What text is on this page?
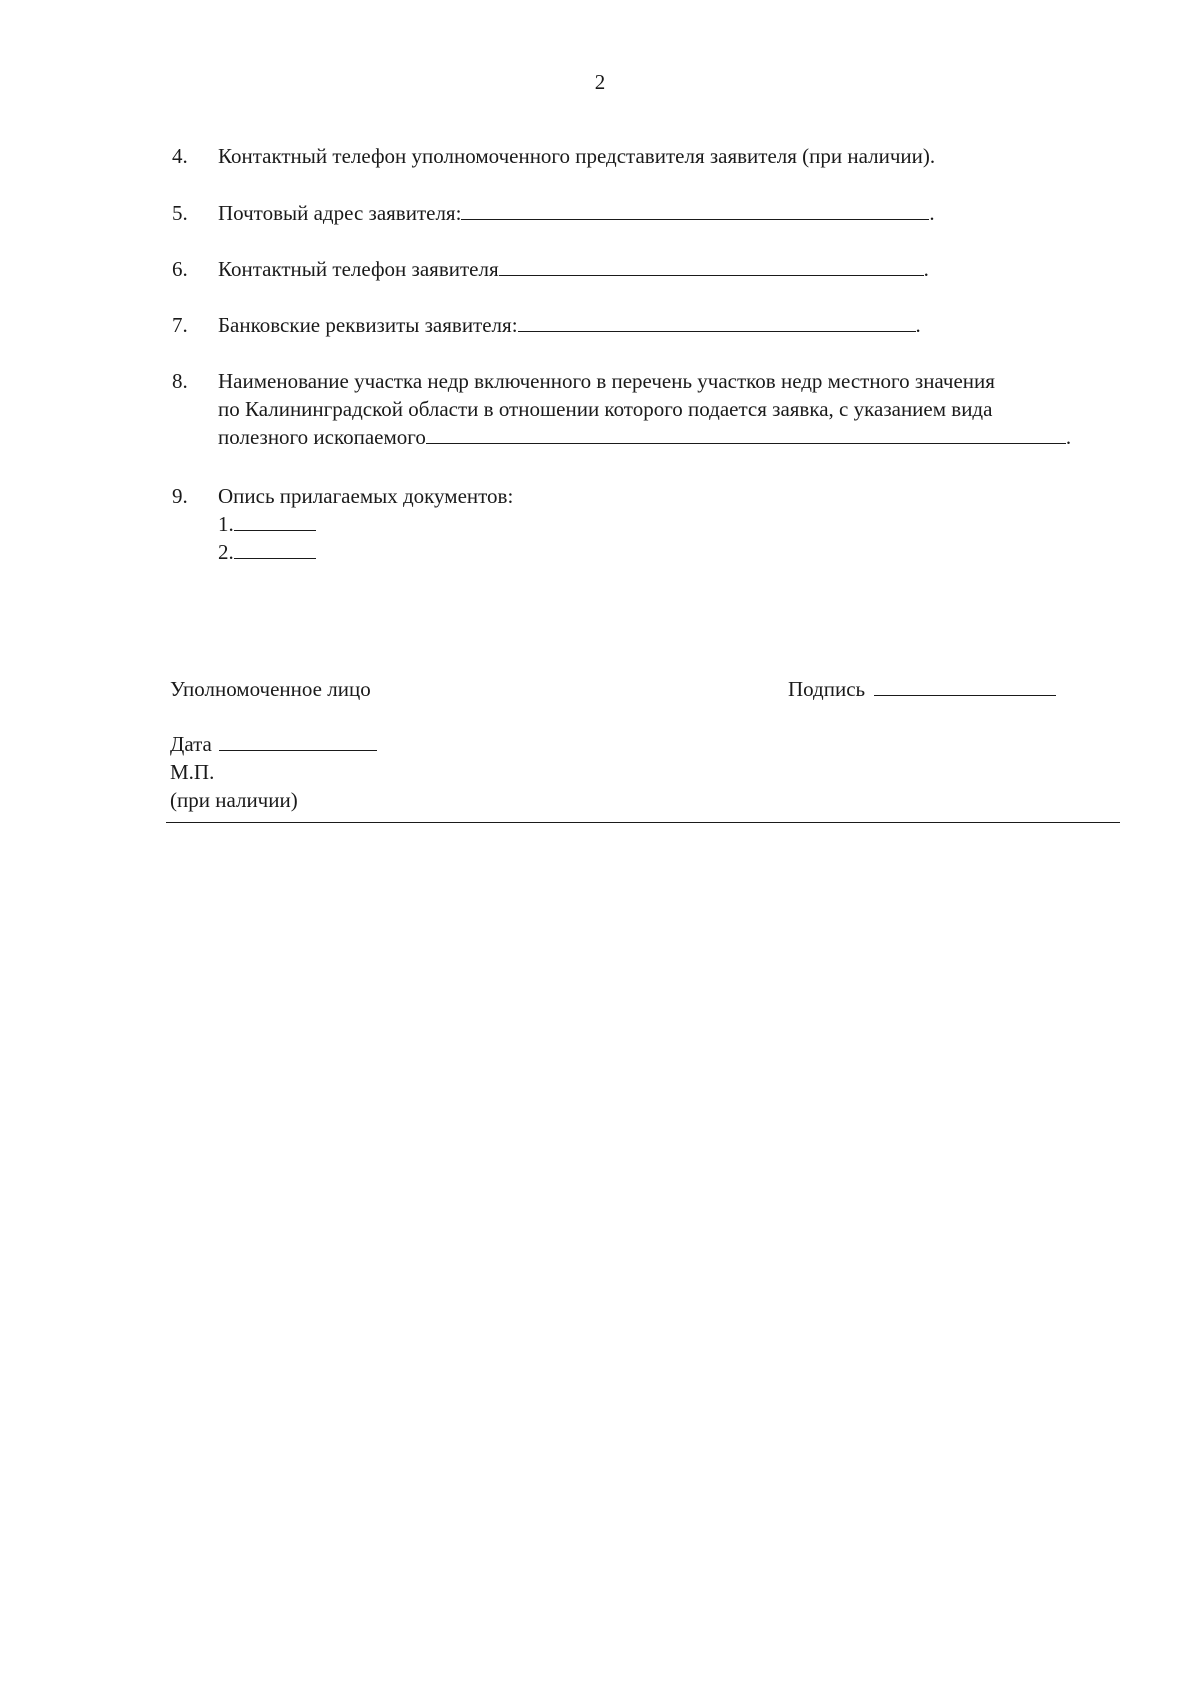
2
4.	Контактный телефон уполномоченного представителя заявителя (при наличии).
5.	Почтовый адрес заявителя:	.
6.	Контактный телефон заявителя	.
7.	Банковские реквизиты заявителя:	.
8.	Наименование участка недр включенного в перечень участков недр местного значения
по Калининградской области в отношении которого подается заявка, с указанием вида
полезного ископаемого	.
9.	Опись прилагаемых документов:
1.
2.
Уполномоченное лицо	Подпись
Дата
М.П.
(при наличии)
